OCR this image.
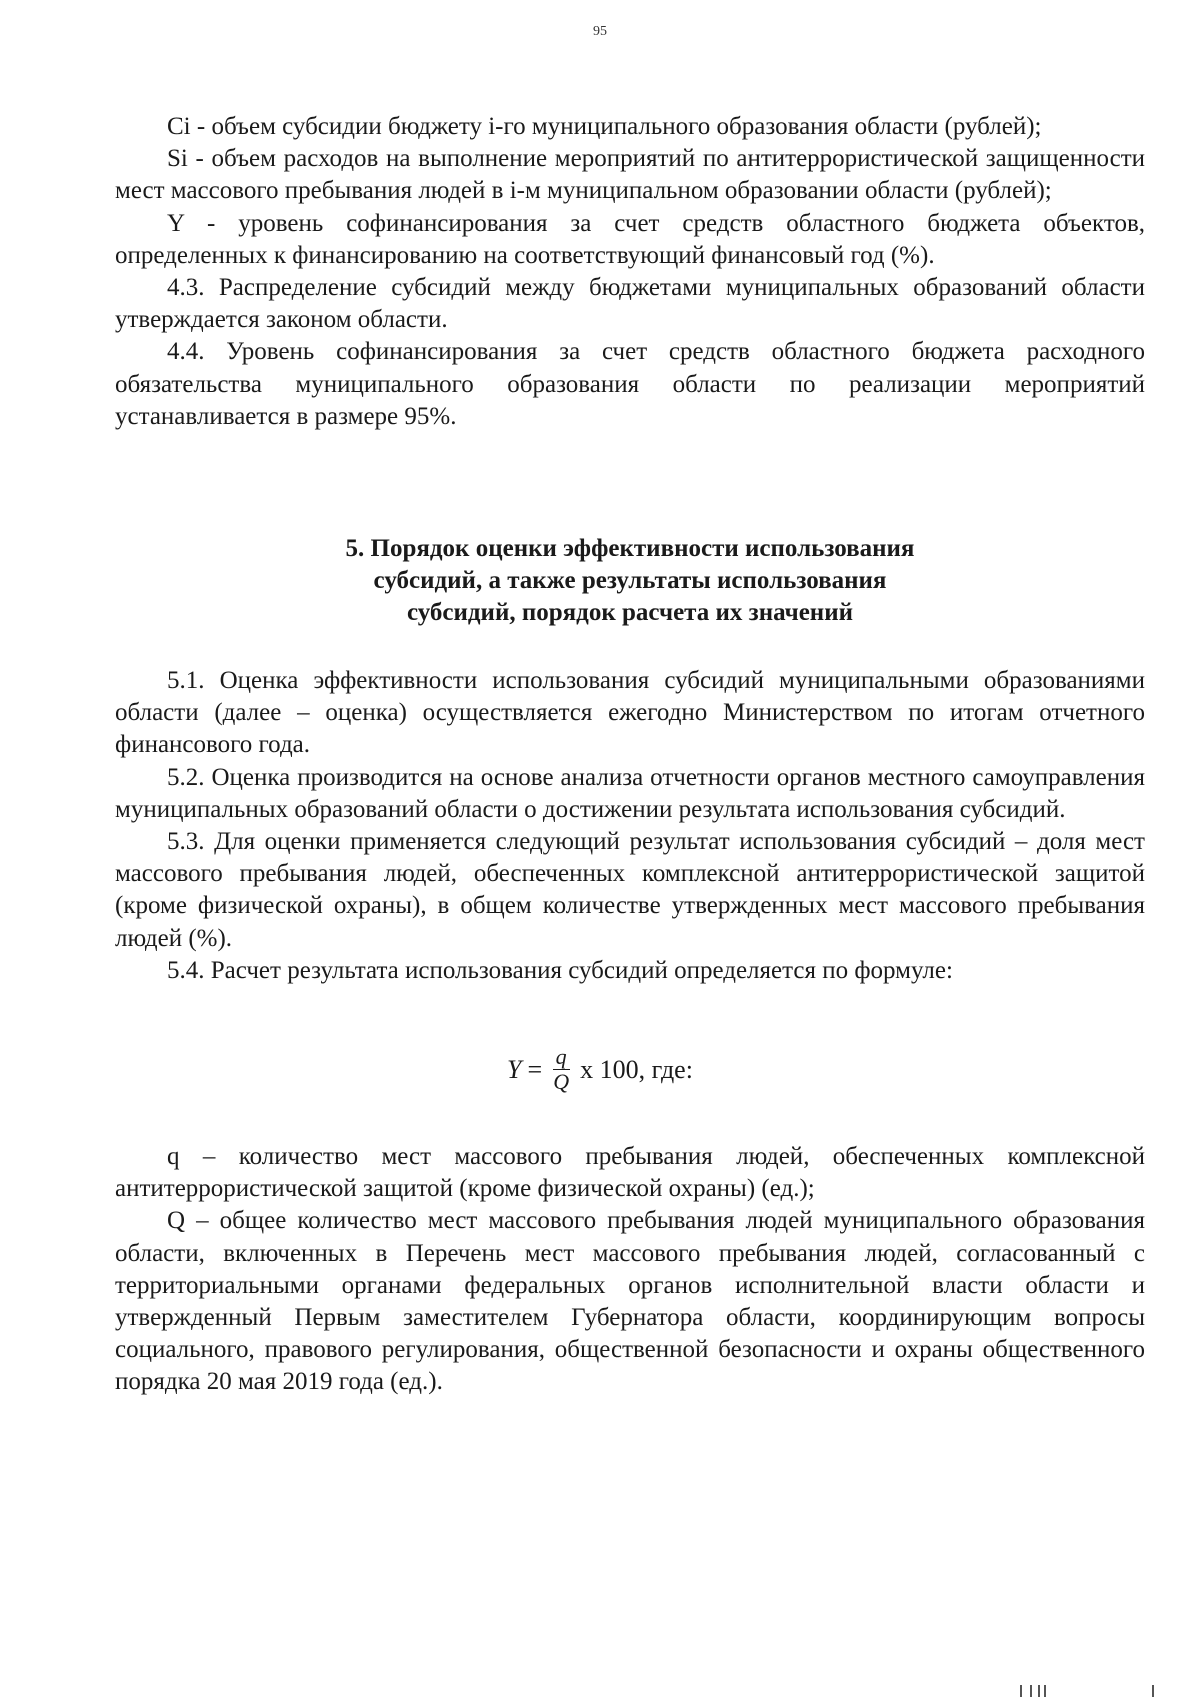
95

Ci - объем субсидии бюджету i-го муниципального образования области (рублей);

Si - объем расходов на выполнение мероприятий по антитеррористической защищенности мест массового пребывания людей в i-м муниципальном образовании области (рублей);

Y - уровень софинансирования за счет средств областного бюджета объектов, определенных к финансированию на соответствующий финансовый год (%).

4.3. Распределение субсидий между бюджетами муниципальных образований области утверждается законом области.

4.4. Уровень софинансирования за счет средств областного бюджета расходного обязательства муниципального образования области по реализации мероприятий устанавливается в размере 95%.

5. Порядок оценки эффективности использования
субсидий, а также результаты использования
субсидий, порядок расчета их значений

5.1. Оценка эффективности использования субсидий муниципальными образованиями области (далее – оценка) осуществляется ежегодно Министерством по итогам отчетного финансового года.

5.2. Оценка производится на основе анализа отчетности органов местного самоуправления муниципальных образований области о достижении результата использования субсидий.

5.3. Для оценки применяется следующий результат использования субсидий – доля мест массового пребывания людей, обеспеченных комплексной антитеррористической защитой (кроме физической охраны), в общем количестве утвержденных мест массового пребывания людей (%).

5.4. Расчет результата использования субсидий определяется по формуле:

$Y = \frac{q}{Q}$ x 100, где:

q – количество мест массового пребывания людей, обеспеченных комплексной антитеррористической защитой (кроме физической охраны) (ед.);

Q – общее количество мест массового пребывания людей муниципального образования области, включенных в Перечень мест массового пребывания людей, согласованный с территориальными органами федеральных органов исполнительной власти области и утвержденный Первым заместителем Губернатора области, координирующим вопросы социального, правового регулирования, общественной безопасности и охраны общественного порядка 20 мая 2019 года (ед.).
